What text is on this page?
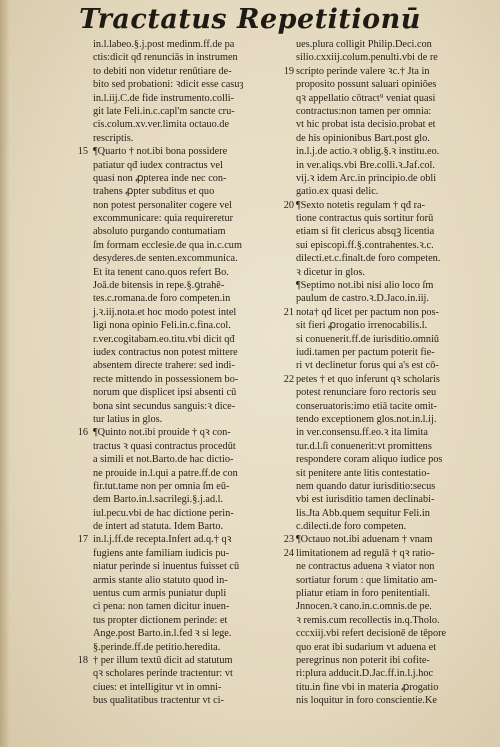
Tractatus Repetitionū
in.l.labeo.§.j.post medinm.ff.de pa
ctis:dicit qđ renunciās in instrumen
to debiti non videtur renūtiare de-
bito sed probationi: ꝛdicit esse casuȝ
in.l.iij.C.de fide instrumento.colli-
git late Feli.in.c.capl'm sancte cru-
cis.colum.xv.ver.limita octauo.de
rescriptis.
15 ¶Quarto † not.ibi bona possidere
patiatur qđ iudex contractus vel
quasi non ꝓpterea inde nec con-
trahens ꝓpter subditus et quo
non potest personaliter cogere vel
excommunicare: quia requireretur
absoluto purgando contumatiam
ſm formam ecclesie.de qua in.c.cum
desyderes.de senten.excommunica.
Et ita tenent cano.quos refert Bo.
Joā.de bitensis in repe.§.ꝯtrahē-
tes.c.romana.de foro competen.in
j.ꝛ.iij.nota.et hoc modo potest intel
ligi nona opinio Feli.in.c.fina.col.
r.ver.cogitabam.eo.titu.vbi dicit qđ
iudex contractus non potest mittere
absentem directe trahere: sed indi-
recte mittendo in possessionem bo-
norum que displicet ipsi absenti cū
bona sint secundus sanguis:ꝛ dice-
tur latius in glos.
16 ¶Quinto not.ibi prouide † qꝛ con-
tractus ꝛ quasi contractus procedūt
a simili et not.Barto.de hac dictio-
ne prouide in.l.qui a patre.ff.de con
fir.tut.tame non per omnia ſm eū-
dem Barto.in.l.sacrilegi.§.j.ad.l.
iul.pecu.vbi de hac dictione perin-
de intert ad statuta. Idem Barto.
17 in.l.j.ff.de recepta.Infert ad.q.† qꝛ
fugiens ante familiam iudicis pu-
niatur perinde si inuentus fuisset cū
armis stante alio statuto quod in-
uentus cum armis puniatur dupli
ci pena: non tamen dicitur inuen-
tus propter dictionem perinde: et
Ange.post Barto.in.l.fed ꝛ si lege.
§.perinde.ff.de petitio.heredita.
18 † per illum textū dicit ad statutum
qꝛ scholares perinde tractentur: vt
ciues: et intelligitur vt in omni-
bus qualitatibus tractentur vt ci-
ues.plura colligit Philip.Deci.con
silio.cxxiij.colum.penulti.vbi de re
19 scripto perinde valere ꝛc.† Jta in
proposito possunt saluari opiniões
qꝛ appellatio cōtract⁹ veniat quasi
contractus:non tamen per omnia:
vt hic probat ista decisio.probat et
de his opinionibus Bart.post glo.
in.l.j.de actio.ꝛ oblig.§.ꝛ institu.eo.
in ver.aliqs.vbi Bre.colli.ꝛ.Jaf.col.
vij.ꝛ idem Arc.in principio.de obli
gatio.ex quasi delic.
20 ¶Sexto notetis regulam † qđ ra-
tione contractus quis sortitur forū
etiam si fit clericus absqꝫ licentia
sui episcopi.ff.§.contrahentes.ꝛ.c.
dilecti.et.c.finalt.de foro competen.
ꝛ dicetur in glos.
¶Septimo not.ibi nisi alio loco ſm
paulum de castro.ꝛ.D.Jaco.in.iij.
21 nota† qđ licet per pactum non pos-
sit fieri ꝓrogatio irrenocabilis.l.
si conuenerit.ff.de iurisditio.omniū
iudi.tamen per pactum poterit fie-
ri vt declinetur forus qui a's est cō-
22 petes † et quo inferunt qꝛ scholaris
potest renunciare foro rectoris seu
conseruatoris:imo etiā tacite omit-
tendo exceptionem glos.not.in.l.ij.
in ver.consensu.ff.eo.ꝛ ita limita
tur.d.l.ſi conuenerit:vt promittens
respondere coram aliquo iudice pos
sit penitere ante litis contestatio-
nem quando datur iurisditio:secus
vbi est iurisditio tamen declinabi-
lis.Jta Abb.quem sequitur Feli.in
c.dilecti.de foro competen.
23 ¶Octauo not.ibi aduenam † vnam
24 limitationem ad regulā † qꝛ ratio-
ne contractus aduena ꝛ viator non
sortiatur forum : que limitatio am-
pliatur etiam in foro penitentiali.
Jnnocen.ꝛ cano.in.c.omnis.de pe.
ꝛ remis.cum recollectis in.q.Tholo.
cccxiij.vbi refert decisionē de tēpore
quo erat ibi sudarium vt aduena et
peregrinus non poterit ibi cofite-
ri:plura adducit.D.Jac.ff.in.l.j.hoc
titu.in fine vbi in materia ꝓrogatio
nis loquitur in foro conscientie.Ke
